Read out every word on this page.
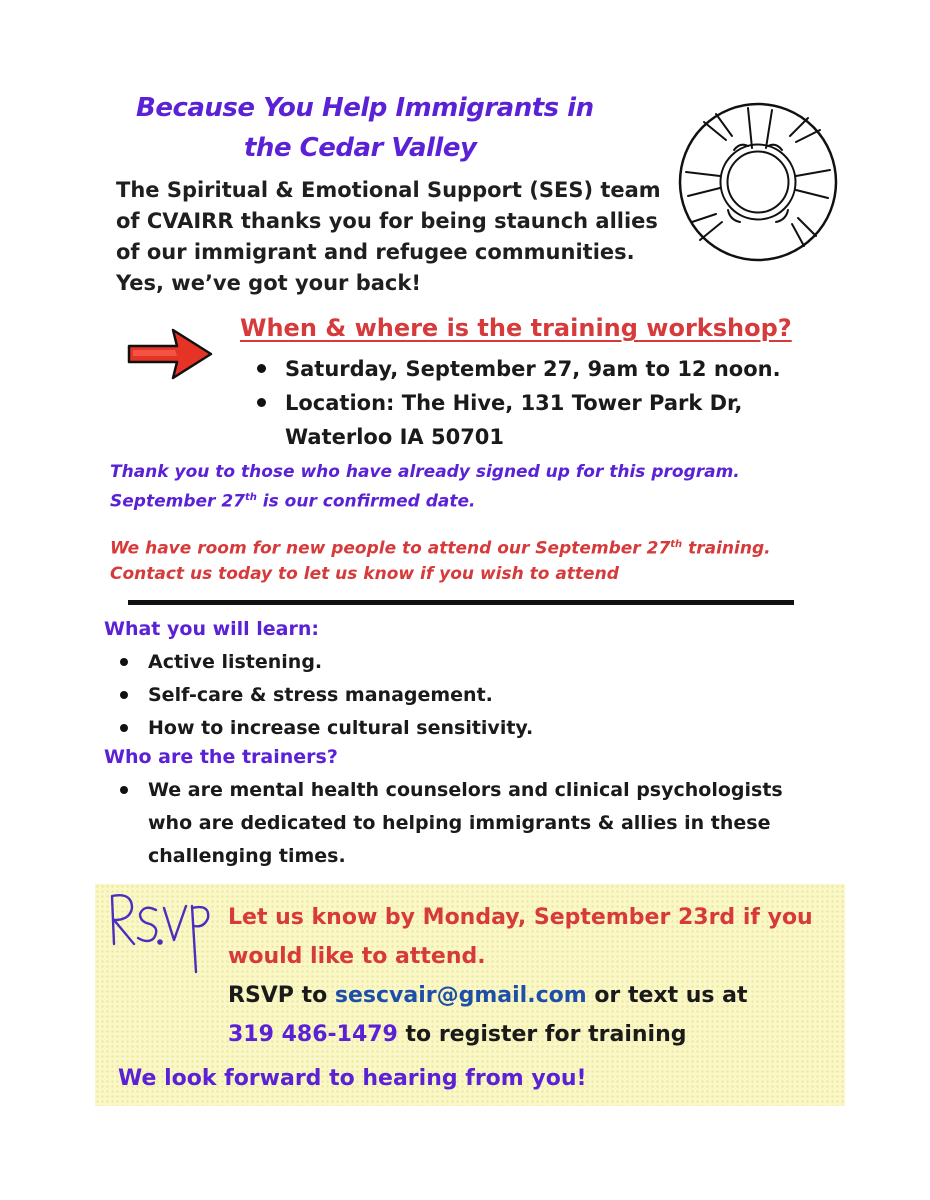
Because You Help Immigrants in
the Cedar Valley
The Spiritual & Emotional Support (SES) team of CVAIRR thanks you for being staunch allies of our immigrant and refugee communities. Yes, we’ve got your back!
When & where is the training workshop?
Saturday, September 27, 9am to 12 noon.
Location: The Hive, 131 Tower Park Dr, Waterloo IA 50701
Thank you to those who have already signed up for this program.
September 27th is our confirmed date.
We have room for new people to attend our September 27th training.
Contact us today to let us know if you wish to attend
What you will learn:
Active listening.
Self-care & stress management.
How to increase cultural sensitivity.
Who are the trainers?
We are mental health counselors and clinical psychologists who are dedicated to helping immigrants & allies in these challenging times.
Let us know by Monday, September 23rd if you would like to attend.
RSVP to sescvair@gmail.com or text us at
319 486-1479 to register for training
We look forward to hearing from you!
